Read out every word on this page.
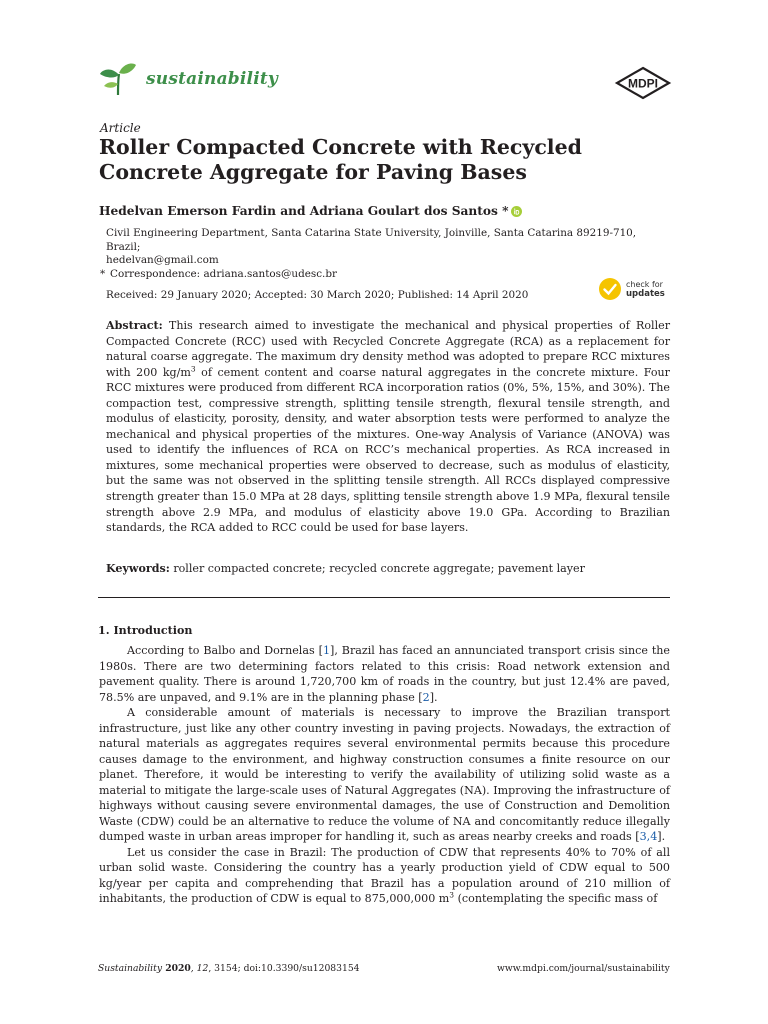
sustainability	MDPI
Article
Roller Compacted Concrete with Recycled Concrete Aggregate for Paving Bases
Hedelvan Emerson Fardin and Adriana Goulart dos Santos *
Civil Engineering Department, Santa Catarina State University, Joinville, Santa Catarina 89219-710, Brazil;
hedelvan@gmail.com
* Correspondence: adriana.santos@udesc.br
Received: 29 January 2020; Accepted: 30 March 2020; Published: 14 April 2020
check for
updates

Abstract: This research aimed to investigate the mechanical and physical properties of Roller Compacted Concrete (RCC) used with Recycled Concrete Aggregate (RCA) as a replacement for natural coarse aggregate. The maximum dry density method was adopted to prepare RCC mixtures with 200 $kg/m^3$ of cement content and coarse natural aggregates in the concrete mixture. Four RCC mixtures were produced from different RCA incorporation ratios (0%, 5%, 15%, and 30%). The compaction test, compressive strength, splitting tensile strength, flexural tensile strength, and modulus of elasticity, porosity, density, and water absorption tests were performed to analyze the mechanical and physical properties of the mixtures. One-way Analysis of Variance (ANOVA) was used to identify the influences of RCA on RCC’s mechanical properties. As RCA increased in mixtures, some mechanical properties were observed to decrease, such as modulus of elasticity, but the same was not observed in the splitting tensile strength. All RCCs displayed compressive strength greater than 15.0 MPa at 28 days, splitting tensile strength above 1.9 MPa, flexural tensile strength above 2.9 MPa, and modulus of elasticity above 19.0 GPa. According to Brazilian standards, the RCA added to RCC could be used for base layers.

Keywords: roller compacted concrete; recycled concrete aggregate; pavement layer
1. Introduction

According to Balbo and Dornelas [1], Brazil has faced an annunciated transport crisis since the 1980s. There are two determining factors related to this crisis: Road network extension and pavement quality. There is around 1,720,700 km of roads in the country, but just 12.4% are paved, 78.5% are unpaved, and 9.1% are in the planning phase [2].

A considerable amount of materials is necessary to improve the Brazilian transport infrastructure, just like any other country investing in paving projects. Nowadays, the extraction of natural materials as aggregates requires several environmental permits because this procedure causes damage to the environment, and highway construction consumes a finite resource on our planet. Therefore, it would be interesting to verify the availability of utilizing solid waste as a material to mitigate the large-scale uses of Natural Aggregates (NA). Improving the infrastructure of highways without causing severe environmental damages, the use of Construction and Demolition Waste (CDW) could be an alternative to reduce the volume of NA and concomitantly reduce illegally dumped waste in urban areas improper for handling it, such as areas nearby creeks and roads [3,4].

Let us consider the case in Brazil: The production of CDW that represents 40% to 70% of all urban solid waste. Considering the country has a yearly production yield of CDW equal to 500 kg/year per capita and comprehending that Brazil has a population around of 210 million of inhabitants, the production of CDW is equal to 875,000,000 $m^3$ (contemplating the specific mass of

Sustainability 2020, 12, 3154; doi:10.3390/su12083154	www.mdpi.com/journal/sustainability
